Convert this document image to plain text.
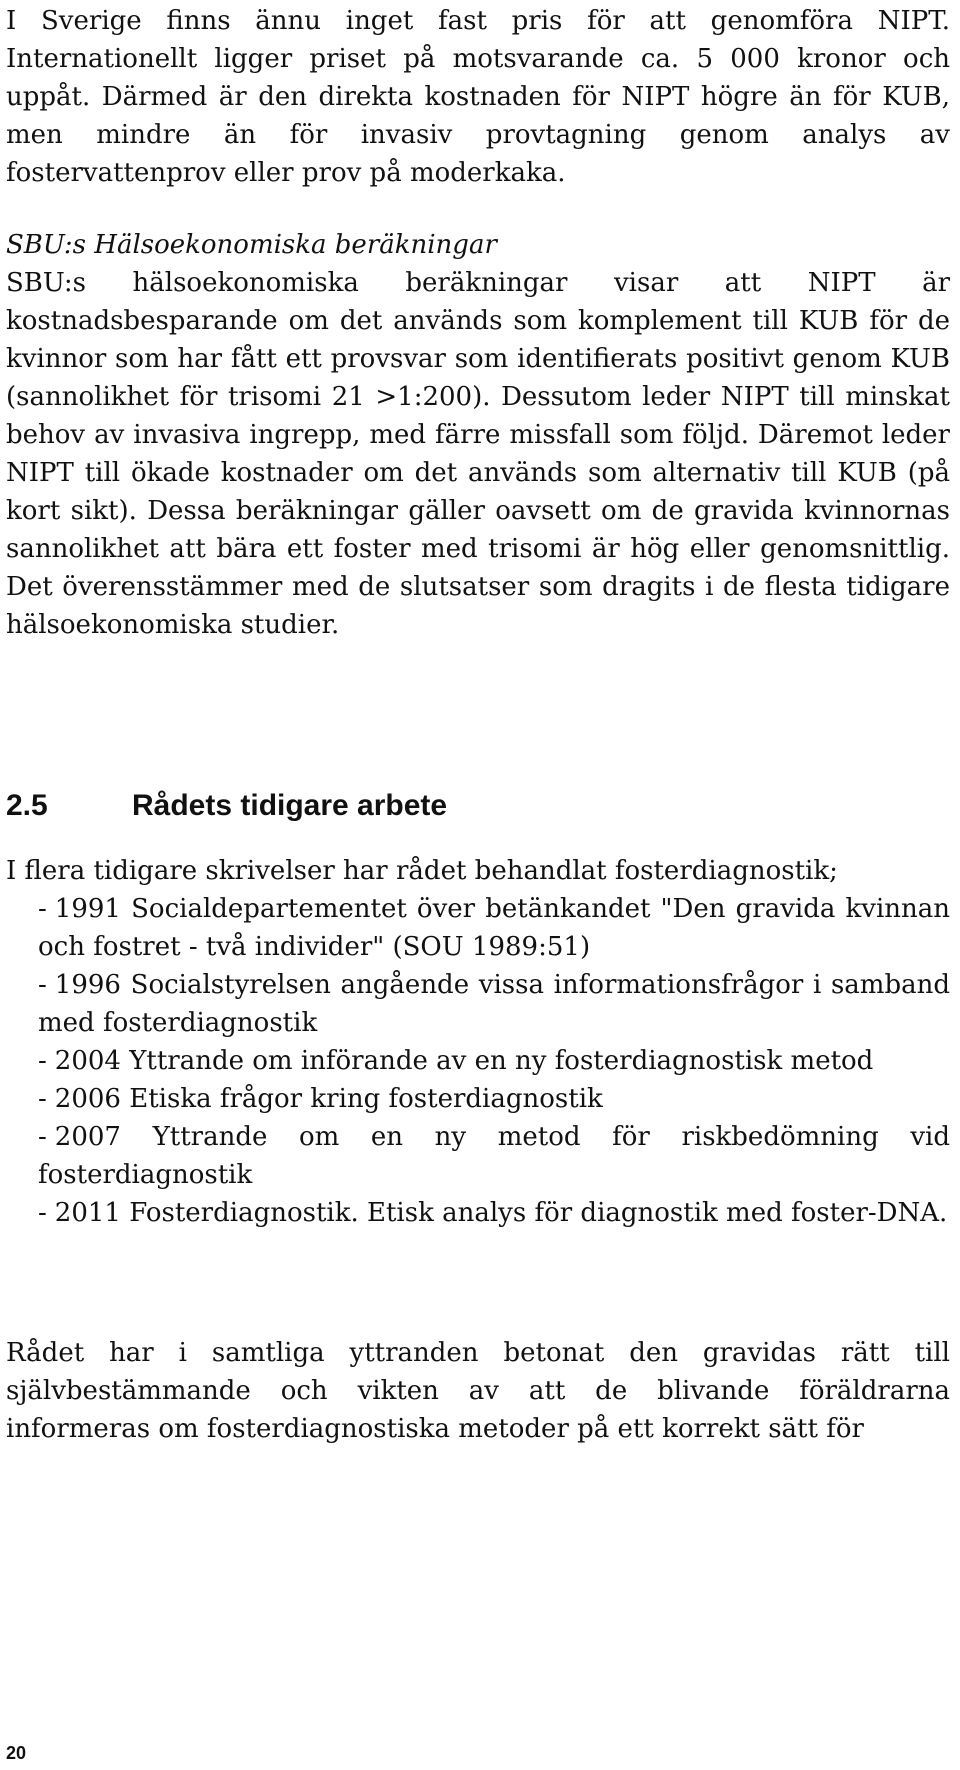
I Sverige finns ännu inget fast pris för att genomföra NIPT. Internationellt ligger priset på motsvarande ca. 5 000 kronor och uppåt. Därmed är den direkta kostnaden för NIPT högre än för KUB, men mindre än för invasiv provtagning genom analys av fostervattenprov eller prov på moderkaka.

SBU:s Hälsoekonomiska beräkningar

SBU:s hälsoekonomiska beräkningar visar att NIPT är kostnadsbesparande om det används som komplement till KUB för de kvinnor som har fått ett provsvar som identifierats positivt genom KUB (sannolikhet för trisomi 21 >1:200). Dessutom leder NIPT till minskat behov av invasiva ingrepp, med färre missfall som följd. Däremot leder NIPT till ökade kostnader om det används som alternativ till KUB (på kort sikt). Dessa beräkningar gäller oavsett om de gravida kvinnornas sannolikhet att bära ett foster med trisomi är hög eller genomsnittlig. Det överensstämmer med de slutsatser som dragits i de flesta tidigare hälsoekonomiska studier.

2.5	Rådets tidigare arbete

I flera tidigare skrivelser har rådet behandlat fosterdiagnostik;

- 1991 Socialdepartementet över betänkandet "Den gravida kvinnan och fostret - två individer" (SOU 1989:51)
- 1996 Socialstyrelsen angående vissa informationsfrågor i samband med fosterdiagnostik
- 2004 Yttrande om införande av en ny fosterdiagnostisk metod
- 2006 Etiska frågor kring fosterdiagnostik
- 2007 Yttrande om en ny metod för riskbedömning vid fosterdiagnostik
- 2011 Fosterdiagnostik. Etisk analys för diagnostik med foster-DNA.

Rådet har i samtliga yttranden betonat den gravidas rätt till självbestämmande och vikten av att de blivande föräldrarna informeras om fosterdiagnostiska metoder på ett korrekt sätt för

20
